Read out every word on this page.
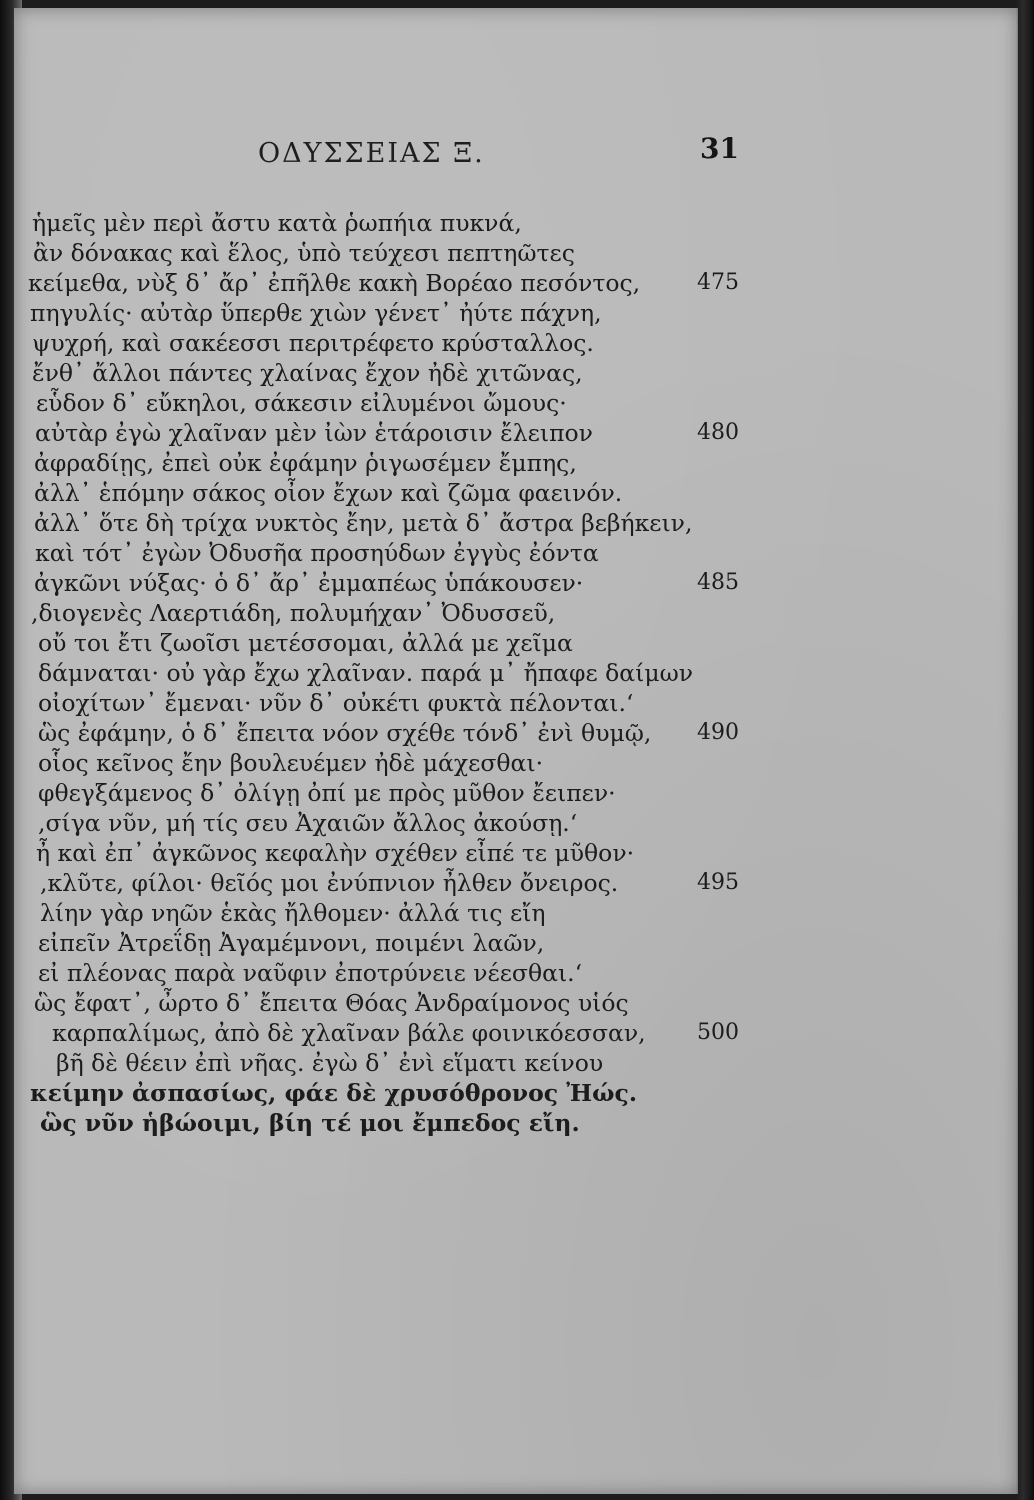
ΟΔΥΣΣΕΙΑΣ Ξ.	31
ἡμεῖς μὲν περὶ ἄστυ κατὰ ῥωπήια πυκνά,
ἂν δόνακας καὶ ἕλος, ὑπὸ τεύχεσι πεπτηῶτες
κείμεθα, νὺξ δ᾽ ἄρ᾽ ἐπῆλθε κακὴ Βορέαο πεσόντος,	475
πηγυλίς· αὐτὰρ ὕπερθε χιὼν γένετ᾽ ἠύτε πάχνη,
ψυχρή, καὶ σακέεσσι περιτρέφετο κρύσταλλος.
ἔνθ᾽ ἄλλοι πάντες χλαίνας ἔχον ἠδὲ χιτῶνας,
εὗδον δ᾽ εὔκηλοι, σάκεσιν εἰλυμένοι ὤμους·
αὐτὰρ ἐγὼ χλαῖναν μὲν ἰὼν ἑτάροισιν ἔλειπον	480
ἀφραδίῃς, ἐπεὶ οὐκ ἐφάμην ῥιγωσέμεν ἔμπης,
ἀλλ᾽ ἑπόμην σάκος οἶον ἔχων καὶ ζῶμα φαεινόν.
ἀλλ᾽ ὅτε δὴ τρίχα νυκτὸς ἔην, μετὰ δ᾽ ἄστρα βεβήκειν,
καὶ τότ᾽ ἐγὼν Ὀδυσῆα προσηύδων ἐγγὺς ἐόντα
ἀγκῶνι νύξας· ὁ δ᾽ ἄρ᾽ ἐμμαπέως ὑπάκουσεν·	485
,διογενὲς Λαερτιάδη, πολυμήχαν᾽ Ὀδυσσεῦ,
οὔ τοι ἔτι ζωοῖσι μετέσσομαι, ἀλλά με χεῖμα
δάμναται· οὐ γὰρ ἔχω χλαῖναν. παρά μ᾽ ἤπαφε δαίμων
οἰοχίτων᾽ ἔμεναι· νῦν δ᾽ οὐκέτι φυκτὰ πέλονται.‘
ὣς ἐφάμην, ὁ δ᾽ ἔπειτα νόον σχέθε τόνδ᾽ ἐνὶ θυμῷ,	490
οἷος κεῖνος ἔην βουλευέμεν ἠδὲ μάχεσθαι·
φθεγξάμενος δ᾽ ὀλίγῃ ὀπί με πρὸς μῦθον ἔειπεν·
,σίγα νῦν, μή τίς σευ Ἀχαιῶν ἄλλος ἀκούσῃ.‘
ἦ καὶ ἐπ᾽ ἀγκῶνος κεφαλὴν σχέθεν εἶπέ τε μῦθον·
,κλῦτε, φίλοι· θεῖός μοι ἐνύπνιον ἦλθεν ὄνειρος.	495
λίην γὰρ νηῶν ἑκὰς ἤλθομεν· ἀλλά τις εἴη
εἰπεῖν Ἀτρεΐδῃ Ἀγαμέμνονι, ποιμένι λαῶν,
εἰ πλέονας παρὰ ναῦφιν ἐποτρύνειε νέεσθαι.‘
ὣς ἔφατ᾽, ὦρτο δ᾽ ἔπειτα Θόας Ἀνδραίμονος υἱός
καρπαλίμως, ἀπὸ δὲ χλαῖναν βάλε φοινικόεσσαν,	500
βῆ δὲ θέειν ἐπὶ νῆας. ἐγὼ δ᾽ ἐνὶ εἵματι κείνου
κείμην ἀσπασίως, φάε δὲ χρυσόθρονος Ἠώς.
ὣς νῦν ἡβώοιμι, βίη τέ μοι ἔμπεδος εἴη.
